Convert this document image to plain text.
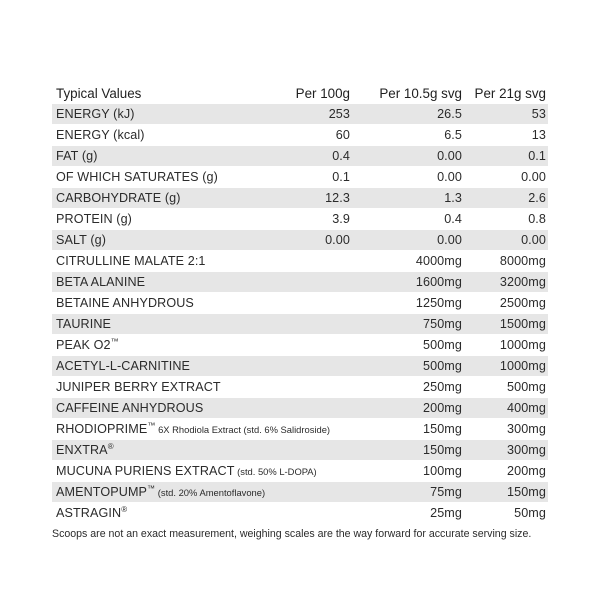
Typical Values	Per 100g	Per 10.5g svg	Per 21g svg
ENERGY (kJ)	253	26.5	53
ENERGY (kcal)	60	6.5	13
FAT (g)	0.4	0.00	0.1
OF WHICH SATURATES (g)	0.1	0.00	0.00
CARBOHYDRATE (g)	12.3	1.3	2.6
PROTEIN (g)	3.9	0.4	0.8
SALT (g)	0.00	0.00	0.00
CITRULLINE MALATE 2:1		4000mg	8000mg
BETA ALANINE		1600mg	3200mg
BETAINE ANHYDROUS		1250mg	2500mg
TAURINE		750mg	1500mg
PEAK O2™		500mg	1000mg
ACETYL-L-CARNITINE		500mg	1000mg
JUNIPER BERRY EXTRACT		250mg	500mg
CAFFEINE ANHYDROUS		200mg	400mg
RHODIOPRIME™ 6X Rhodiola Extract (std. 6% Salidroside)		150mg	300mg
ENXTRA®		150mg	300mg
MUCUNA PURIENS EXTRACT (std. 50% L-DOPA)		100mg	200mg
AMENTOPUMP™ (std. 20% Amentoflavone)		75mg	150mg
ASTRAGIN®		25mg	50mg
Scoops are not an exact measurement, weighing scales are the way forward for accurate serving size.
